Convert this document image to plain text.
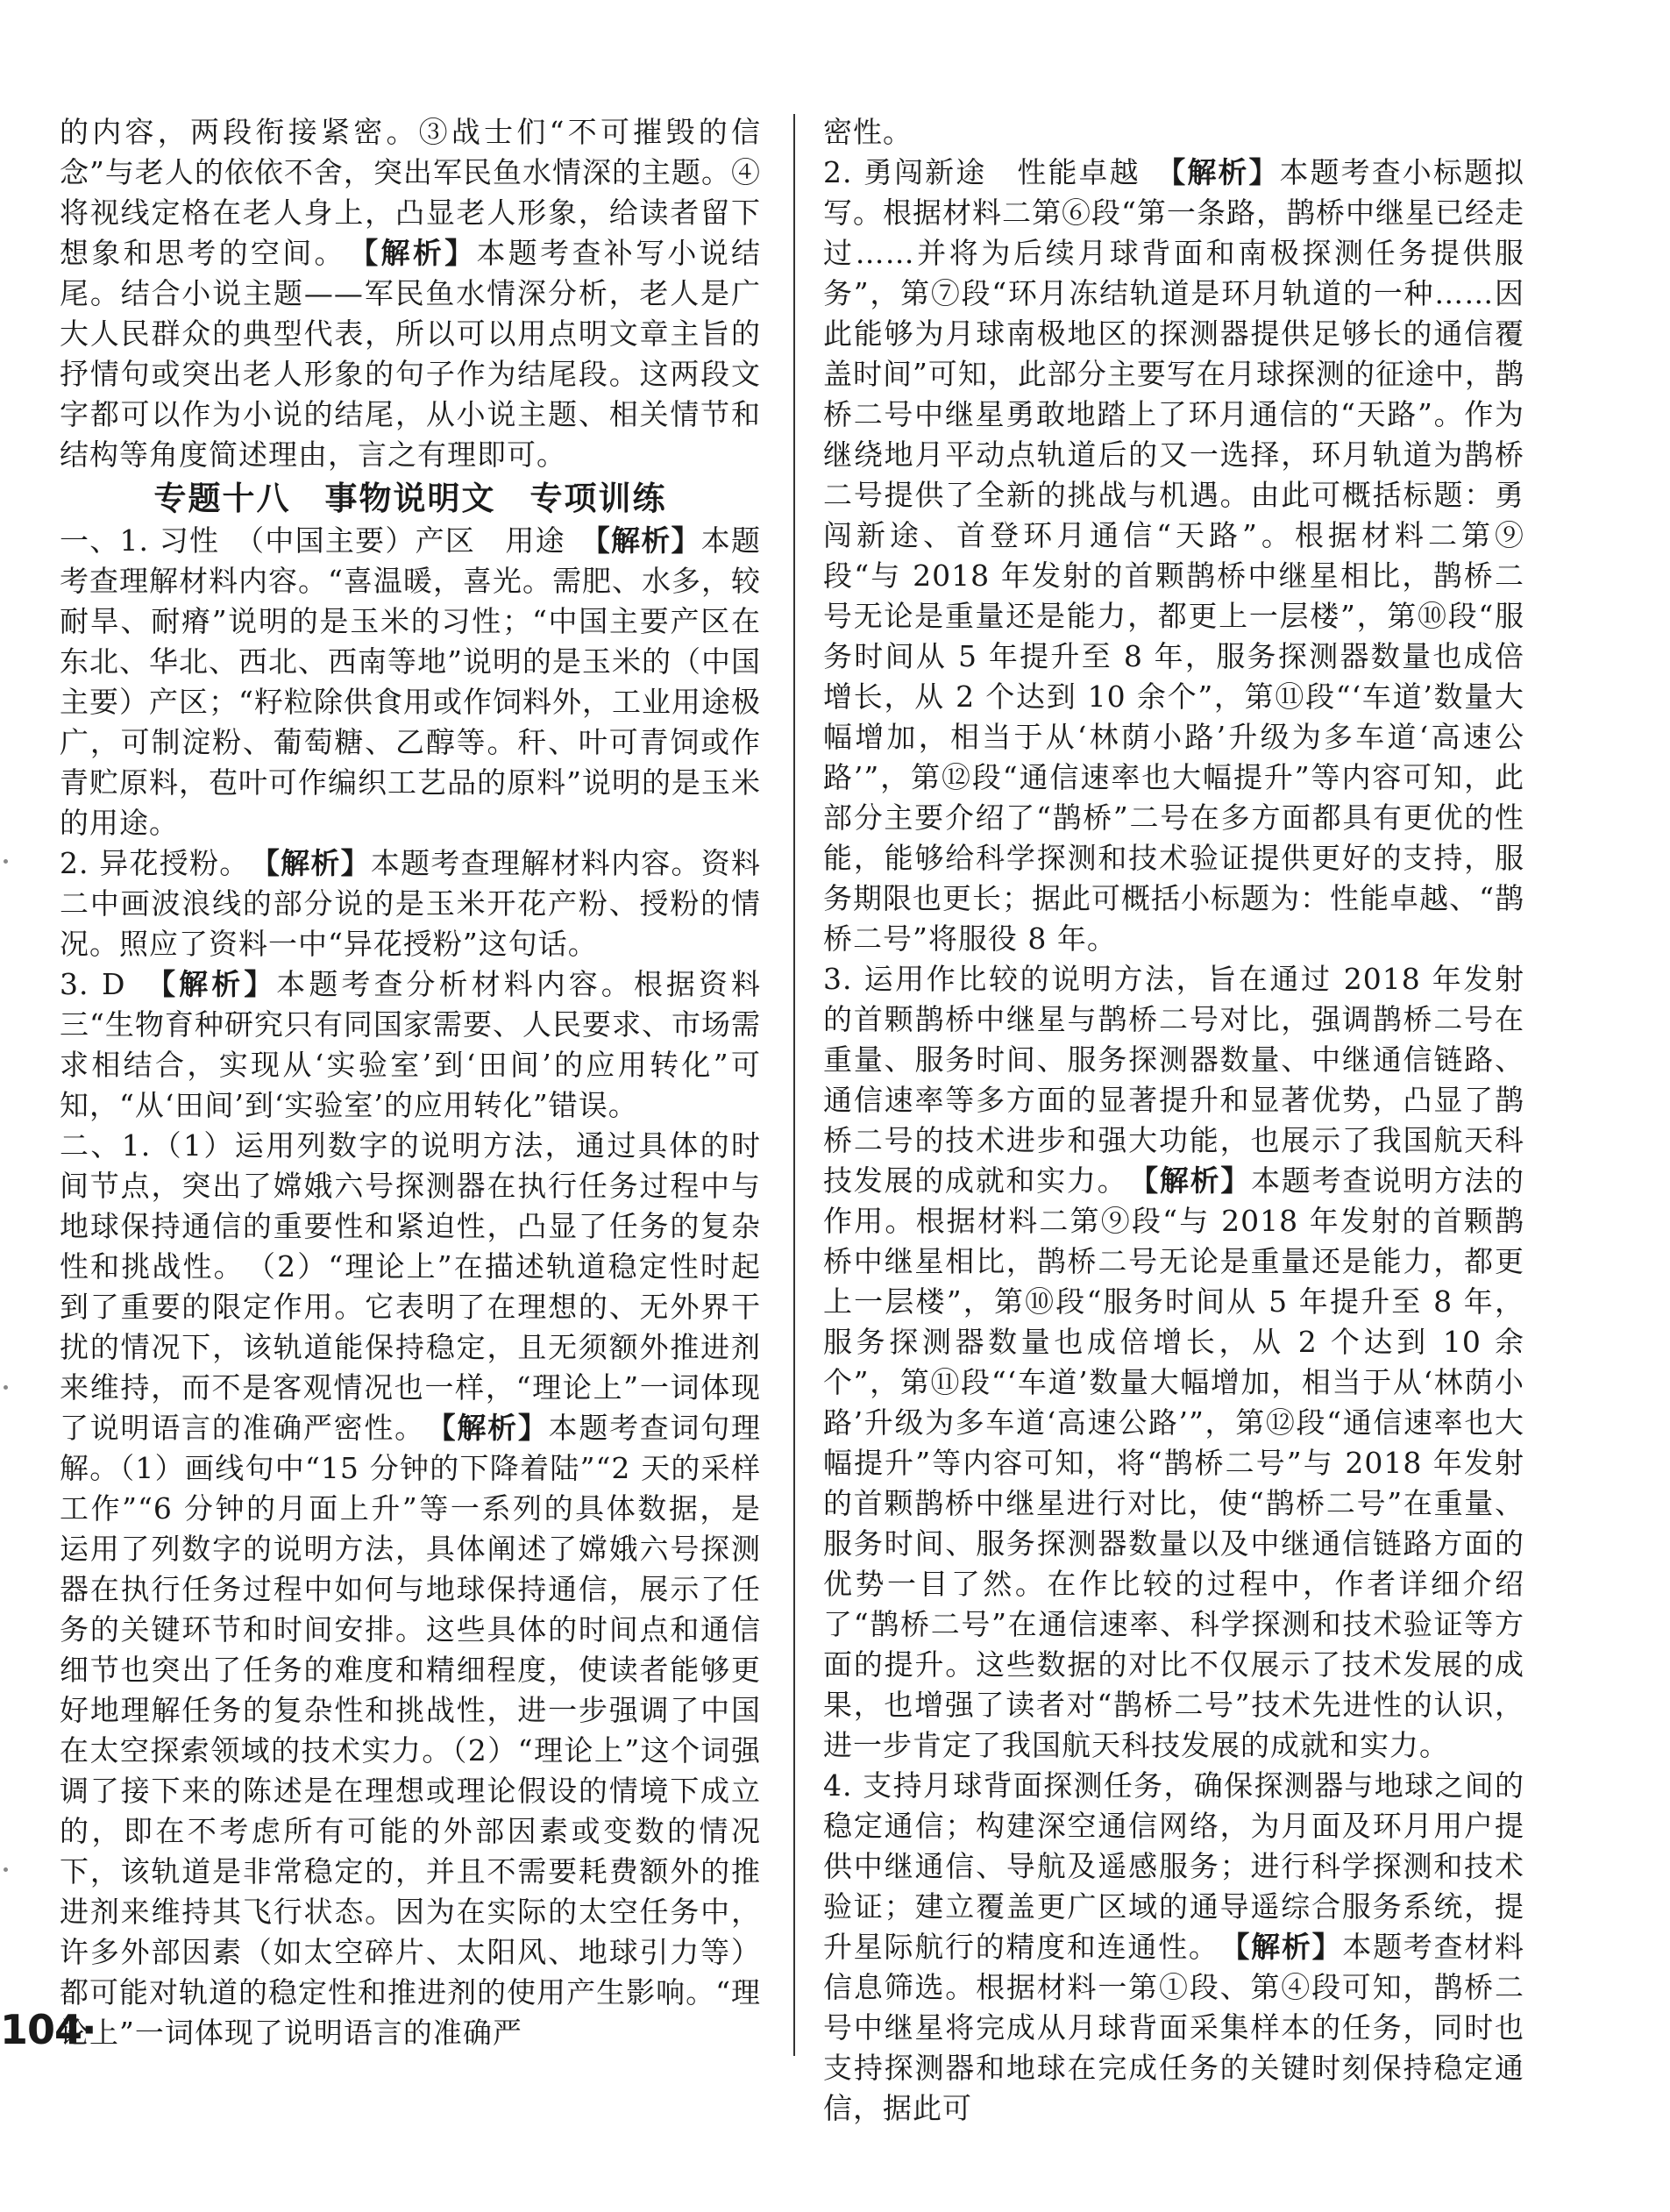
的内容，两段衔接紧密。③战士们“不可摧毁的信念”与老人的依依不舍，突出军民鱼水情深的主题。④将视线定格在老人身上，凸显老人形象，给读者留下想象和思考的空间。　 【解析】本题考查补写小说结尾。结合小说主题——军民鱼水情深分析，老人是广大人民群众的典型代表，所以可以用点明文章主旨的抒情句或突出老人形象的句子作为结尾段。这两段文字都可以作为小说的结尾，从小说主题、相关情节和结构等角度简述理由，言之有理即可。

专题十八　事物说明文　专项训练

一、1. 习性　（中国主要）产区　用途　 【解析】本题考查理解材料内容。“喜温暖，喜光。需肥、水多，较耐旱、耐瘠”说明的是玉米的习性；“中国主要产区在东北、华北、西北、西南等地”说明的是玉米的（中国主要）产区；“籽粒除供食用或作饲料外，工业用途极广，可制淀粉、葡萄糖、乙醇等。秆、叶可青饲或作青贮原料，苞叶可作编织工艺品的原料”说明的是玉米的用途。

2. 异花授粉。　 【解析】本题考查理解材料内容。资料二中画波浪线的部分说的是玉米开花产粉、授粉的情况。照应了资料一中“异花授粉”这句话。

3. D　 【解析】本题考查分析材料内容。根据资料三“生物育种研究只有同国家需要、人民要求、市场需求相结合，实现从‘实验室’到‘田间’的应用转化”可知，“从‘田间’到‘实验室’的应用转化”错误。

二、1.（1）运用列数字的说明方法，通过具体的时间节点，突出了嫦娥六号探测器在执行任务过程中与地球保持通信的重要性和紧迫性，凸显了任务的复杂性和挑战性。　（2）“理论上”在描述轨道稳定性时起到了重要的限定作用。它表明了在理想的、无外界干扰的情况下，该轨道能保持稳定，且无须额外推进剂来维持，而不是客观情况也一样，“理论上”一词体现了说明语言的准确严密性。　 【解析】本题考查词句理解。（1）画线句中“15 分钟的下降着陆”“2 天的采样工作”“6 分钟的月面上升”等一系列的具体数据，是运用了列数字的说明方法，具体阐述了嫦娥六号探测器在执行任务过程中如何与地球保持通信，展示了任务的关键环节和时间安排。这些具体的时间点和通信细节也突出了任务的难度和精细程度，使读者能够更好地理解任务的复杂性和挑战性，进一步强调了中国在太空探索领域的技术实力。（2）“理论上”这个词强调了接下来的陈述是在理想或理论假设的情境下成立的，即在不考虑所有可能的外部因素或变数的情况下，该轨道是非常稳定的，并且不需要耗费额外的推进剂来维持其飞行状态。因为在实际的太空任务中，许多外部因素（如太空碎片、太阳风、地球引力等）都可能对轨道的稳定性和推进剂的使用产生影响。“理论上”一词体现了说明语言的准确严

密性。

2. 勇闯新途　性能卓越　 【解析】本题考查小标题拟写。根据材料二第⑥段“第一条路，鹊桥中继星已经走过……并将为后续月球背面和南极探测任务提供服务”，第⑦段“环月冻结轨道是环月轨道的一种……因此能够为月球南极地区的探测器提供足够长的通信覆盖时间”可知，此部分主要写在月球探测的征途中，鹊桥二号中继星勇敢地踏上了环月通信的“天路”。作为继绕地月平动点轨道后的又一选择，环月轨道为鹊桥二号提供了全新的挑战与机遇。由此可概括标题：勇闯新途、首登环月通信“天路”。根据材料二第⑨段“与 2018 年发射的首颗鹊桥中继星相比，鹊桥二号无论是重量还是能力，都更上一层楼”，第⑩段“服务时间从 5 年提升至 8 年，服务探测器数量也成倍增长，从 2 个达到 10 余个”，第⑪段“‘车道’数量大幅增加，相当于从‘林荫小路’升级为多车道‘高速公路’”，第⑫段“通信速率也大幅提升”等内容可知，此部分主要介绍了“鹊桥”二号在多方面都具有更优的性能，能够给科学探测和技术验证提供更好的支持，服务期限也更长；据此可概括小标题为：性能卓越、“鹊桥二号”将服役 8 年。

3. 运用作比较的说明方法，旨在通过 2018 年发射的首颗鹊桥中继星与鹊桥二号对比，强调鹊桥二号在重量、服务时间、服务探测器数量、中继通信链路、通信速率等多方面的显著提升和显著优势，凸显了鹊桥二号的技术进步和强大功能，也展示了我国航天科技发展的成就和实力。　 【解析】本题考查说明方法的作用。根据材料二第⑨段“与 2018 年发射的首颗鹊桥中继星相比，鹊桥二号无论是重量还是能力，都更上一层楼”，第⑩段“服务时间从 5 年提升至 8 年，服务探测器数量也成倍增长，从 2 个达到 10 余个”，第⑪段“‘车道’数量大幅增加，相当于从‘林荫小路’升级为多车道‘高速公路’”，第⑫段“通信速率也大幅提升”等内容可知，将“鹊桥二号”与 2018 年发射的首颗鹊桥中继星进行对比，使“鹊桥二号”在重量、服务时间、服务探测器数量以及中继通信链路方面的优势一目了然。在作比较的过程中，作者详细介绍了“鹊桥二号”在通信速率、科学探测和技术验证等方面的提升。这些数据的对比不仅展示了技术发展的成果，也增强了读者对“鹊桥二号”技术先进性的认识，进一步肯定了我国航天科技发展的成就和实力。

4. 支持月球背面探测任务，确保探测器与地球之间的稳定通信；构建深空通信网络，为月面及环月用户提供中继通信、导航及遥感服务；进行科学探测和技术验证；建立覆盖更广区域的通导遥综合服务系统，提升星际航行的精度和连通性。　 【解析】本题考查材料信息筛选。根据材料一第①段、第④段可知，鹊桥二号中继星将完成从月球背面采集样本的任务，同时也支持探测器和地球在完成任务的关键时刻保持稳定通信，据此可

104·
